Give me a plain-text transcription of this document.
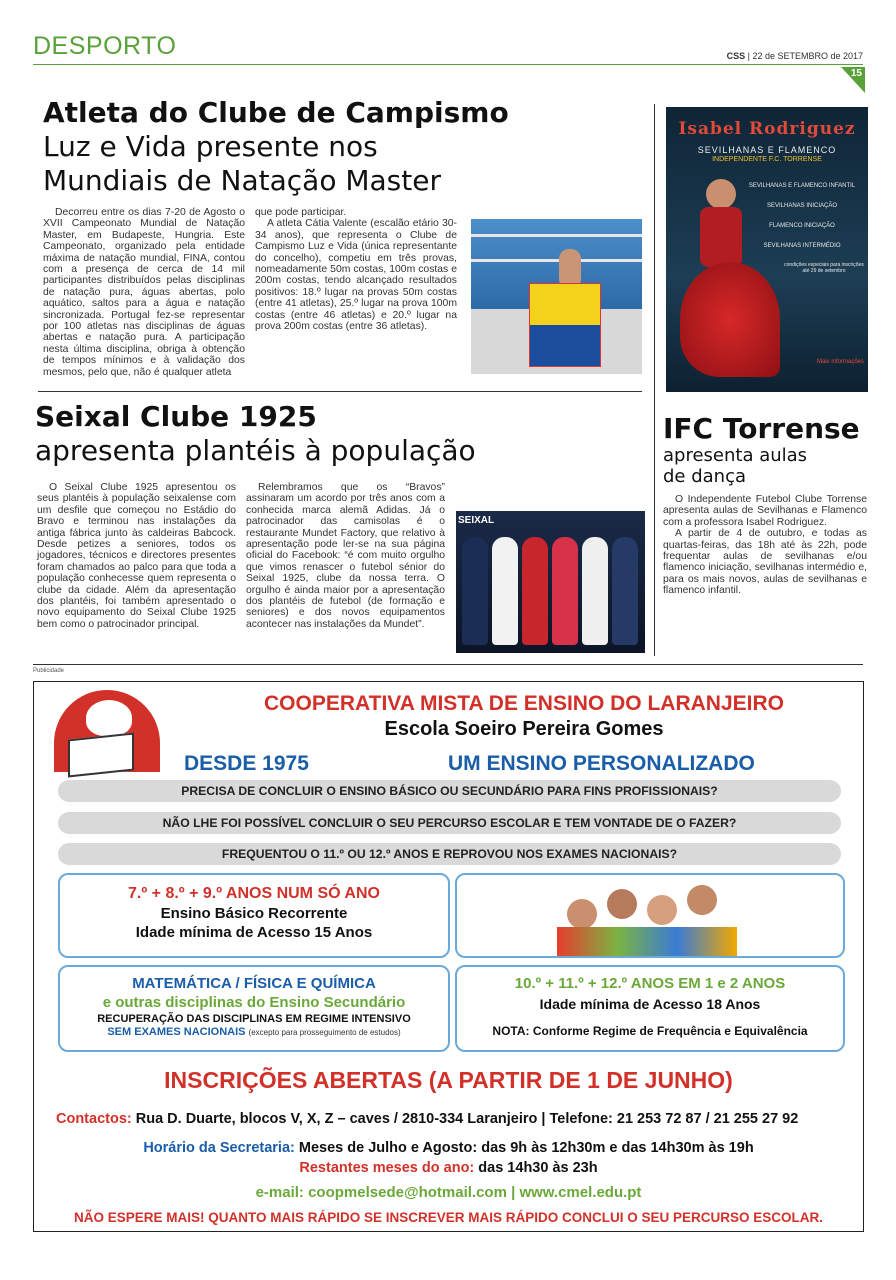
DESPORTO	CSS | 22 de SETEMBRO de 2017
15
Atleta do Clube de Campismo
Luz e Vida presente nos
Mundiais de Natação Master

Decorreu entre os dias 7-20 de Agosto o XVII Campeonato Mundial de Natação Master, em Budapeste, Hungria. Este Campeonato, organizado pela entidade máxima de natação mundial, FINA, contou com a presença de cerca de 14 mil participantes distribuídos pelas disciplinas de natação pura, águas abertas, polo aquático, saltos para a água e natação sincronizada. Portugal fez-se representar por 100 atletas nas disciplinas de águas abertas e natação pura. A participação nesta última disciplina, obriga à obtenção de tempos mínimos e à validação dos mesmos, pelo que, não é qualquer atleta

que pode participar.

A atleta Cátia Valente (escalão etário 30-34 anos), que representa o Clube de Campismo Luz e Vida (única representante do concelho), competiu em três provas, nomeadamente 50m costas, 100m costas e 200m costas, tendo alcançado resultados positivos: 18.º lugar na provas 50m costas (entre 41 atletas), 25.º lugar na prova 100m costas (entre 46 atletas) e 20.º lugar na prova 200m costas (entre 36 atletas).

Seixal Clube 1925
apresenta plantéis à população

O Seixal Clube 1925 apresentou os seus plantéis à população seixalense com um desfile que começou no Estádio do Bravo e terminou nas instalações da antiga fábrica junto às caldeiras Babcock. Desde petizes a seniores, todos os jogadores, técnicos e directores presentes foram chamados ao palco para que toda a população conhecesse quem representa o clube da cidade. Além da apresentação dos plantéis, foi também apresentado o novo equipamento do Seixal Clube 1925 bem como o patrocinador principal.

Relembramos que os “Bravos” assinaram um acordo por três anos com a conhecida marca alemã Adidas. Já o patrocinador das camisolas é o restaurante Mundet Factory, que relativo à apresentação pode ler-se na sua página oficial do Facebook: “é com muito orgulho que vimos renascer o futebol sénior do Seixal 1925, clube da nossa terra. O orgulho é ainda maior por a apresentação dos plantéis de futebol (de formação e seniores) e dos novos equipamentos acontecer nas instalações da Mundet”.

SEIXAL
Isabel Rodriguez
SEVILHANAS E FLAMENCO
INDEPENDENTE F.C. TORRENSE
SEVILHANAS E FLAMENCO INFANTIL
SEVILHANAS INICIAÇÃO
FLAMENCO INICIAÇÃO
SEVILHANAS INTERMÉDIO
condições especiais para inscrições até 29 de setembro
Mais informações
IFC Torrense
apresenta aulas
de dança

O Independente Futebol Clube Torrense apresenta aulas de Sevilhanas e Flamenco com a professora Isabel Rodriguez.

A partir de 4 de outubro, e todas as quartas-feiras, das 18h até às 22h, pode frequentar aulas de sevilhanas e/ou flamenco iniciação, sevilhanas intermédio e, para os mais novos, aulas de sevilhanas e flamenco infantil.

Publicidade
COOPERATIVA MISTA DE ENSINO DO LARANJEIRO
Escola Soeiro Pereira Gomes
DESDE 1975	UM ENSINO PERSONALIZADO
PRECISA DE CONCLUIR O ENSINO BÁSICO OU SECUNDÁRIO PARA FINS PROFISSIONAIS?
NÃO LHE FOI POSSÍVEL CONCLUIR O SEU PERCURSO ESCOLAR E TEM VONTADE DE O FAZER?
FREQUENTOU O 11.º OU 12.º ANOS E REPROVOU NOS EXAMES NACIONAIS?
7.º + 8.º + 9.º ANOS NUM SÓ ANO
Ensino Básico Recorrente
Idade mínima de Acesso 15 Anos
MATEMÁTICA / FÍSICA E QUÍMICA
e outras disciplinas do Ensino Secundário
RECUPERAÇÃO DAS DISCIPLINAS EM REGIME INTENSIVO
SEM EXAMES NACIONAIS (excepto para prosseguimento de estudos)
10.º + 11.º + 12.º ANOS EM 1 e 2 ANOS
Idade mínima de Acesso 18 Anos
NOTA: Conforme Regime de Frequência e Equivalência
INSCRIÇÕES ABERTAS (A PARTIR DE 1 DE JUNHO)
Contactos: Rua D. Duarte, blocos V, X, Z – caves / 2810-334 Laranjeiro | Telefone: 21 253 72 87 / 21 255 27 92
Horário da Secretaria: Meses de Julho e Agosto: das 9h às 12h30m e das 14h30m às 19h
Restantes meses do ano: das 14h30 às 23h
e-mail: coopmelsede@hotmail.com | www.cmel.edu.pt
NÃO ESPERE MAIS! QUANTO MAIS RÁPIDO SE INSCREVER MAIS RÁPIDO CONCLUI O SEU PERCURSO ESCOLAR.
